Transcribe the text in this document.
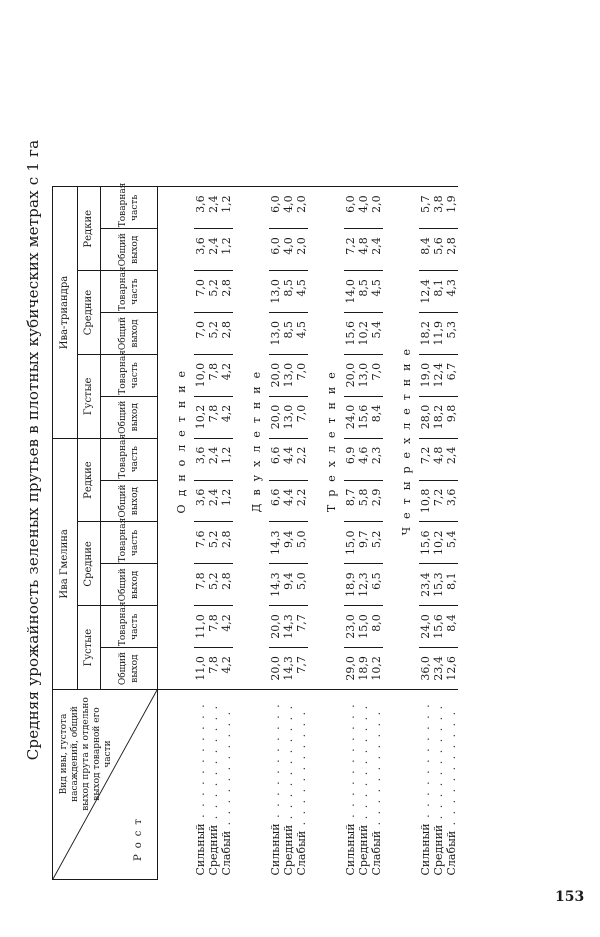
Средняя урожайность зеленых прутьев в плотных кубических метрах с 1 га Вид ивы, густота насаждений, общий выход прута и отдельно выход товарной его части
Рост	Ива Гмелина						Ива-триандра					
	Густые		Средние		Редкие		Густые		Средние		Редкие	
	Общий выход	Товарная часть	Общий выход	Товарная часть	Общий выход	Товарная часть	Общий выход	Товарная часть	Общий выход	Товарная часть	Общий выход	Товарная часть
	Однолетние											
Сильный . . . . . . . . . . .	11,0	11,0	7,8	7,6	3,6	3,6	10,2	10,0	7,0	7,0	3,6	3,6
Средний . . . . . . . . . . .	7,8	7,8	5,2	5,2	2,4	2,4	7,8	7,8	5,2	5,2	2,4	2,4
Слабый . . . . . . . . . . .	4,2	4,2	2,8	2,8	1,2	1,2	4,2	4,2	2,8	2,8	1,2	1,2
	Двухлетние											
Сильный . . . . . . . . . . .	20,0	20,0	14,3	14,3	6,6	6,6	20,0	20,0	13,0	13,0	6,0	6,0
Средний . . . . . . . . . . .	14,3	14,3	9,4	9,4	4,4	4,4	13,0	13,0	8,5	8,5	4,0	4,0
Слабый . . . . . . . . . . .	7,7	7,7	5,0	5,0	2,2	2,2	7,0	7,0	4,5	4,5	2,0	2,0
	Трехлетние											
Сильный . . . . . . . . . . .	29,0	23,0	18,9	15,0	8,7	6,9	24,0	20,0	15,6	14,0	7,2	6,0
Средний . . . . . . . . . . .	18,9	15,0	12,3	9,7	5,8	4,6	15,6	13,0	10,2	8,5	4,8	4,0
Слабый . . . . . . . . . . .	10,2	8,0	6,5	5,2	2,9	2,3	8,4	7,0	5,4	4,5	2,4	2,0
	Четырехлетние											
Сильный . . . . . . . . . . .	36,0	24,0	23,4	15,6	10,8	7,2	28,0	19,0	18,2	12,4	8,4	5,7
Средний . . . . . . . . . . .	23,4	15,6	15,3	10,2	7,2	4,8	18,2	12,4	11,9	8,1	5,6	3,8
Слабый . . . . . . . . . . .	12,6	8,4	8,1	5,4	3,6	2,4	9,8	6,7	5,3	4,3	2,8	1,9
153
